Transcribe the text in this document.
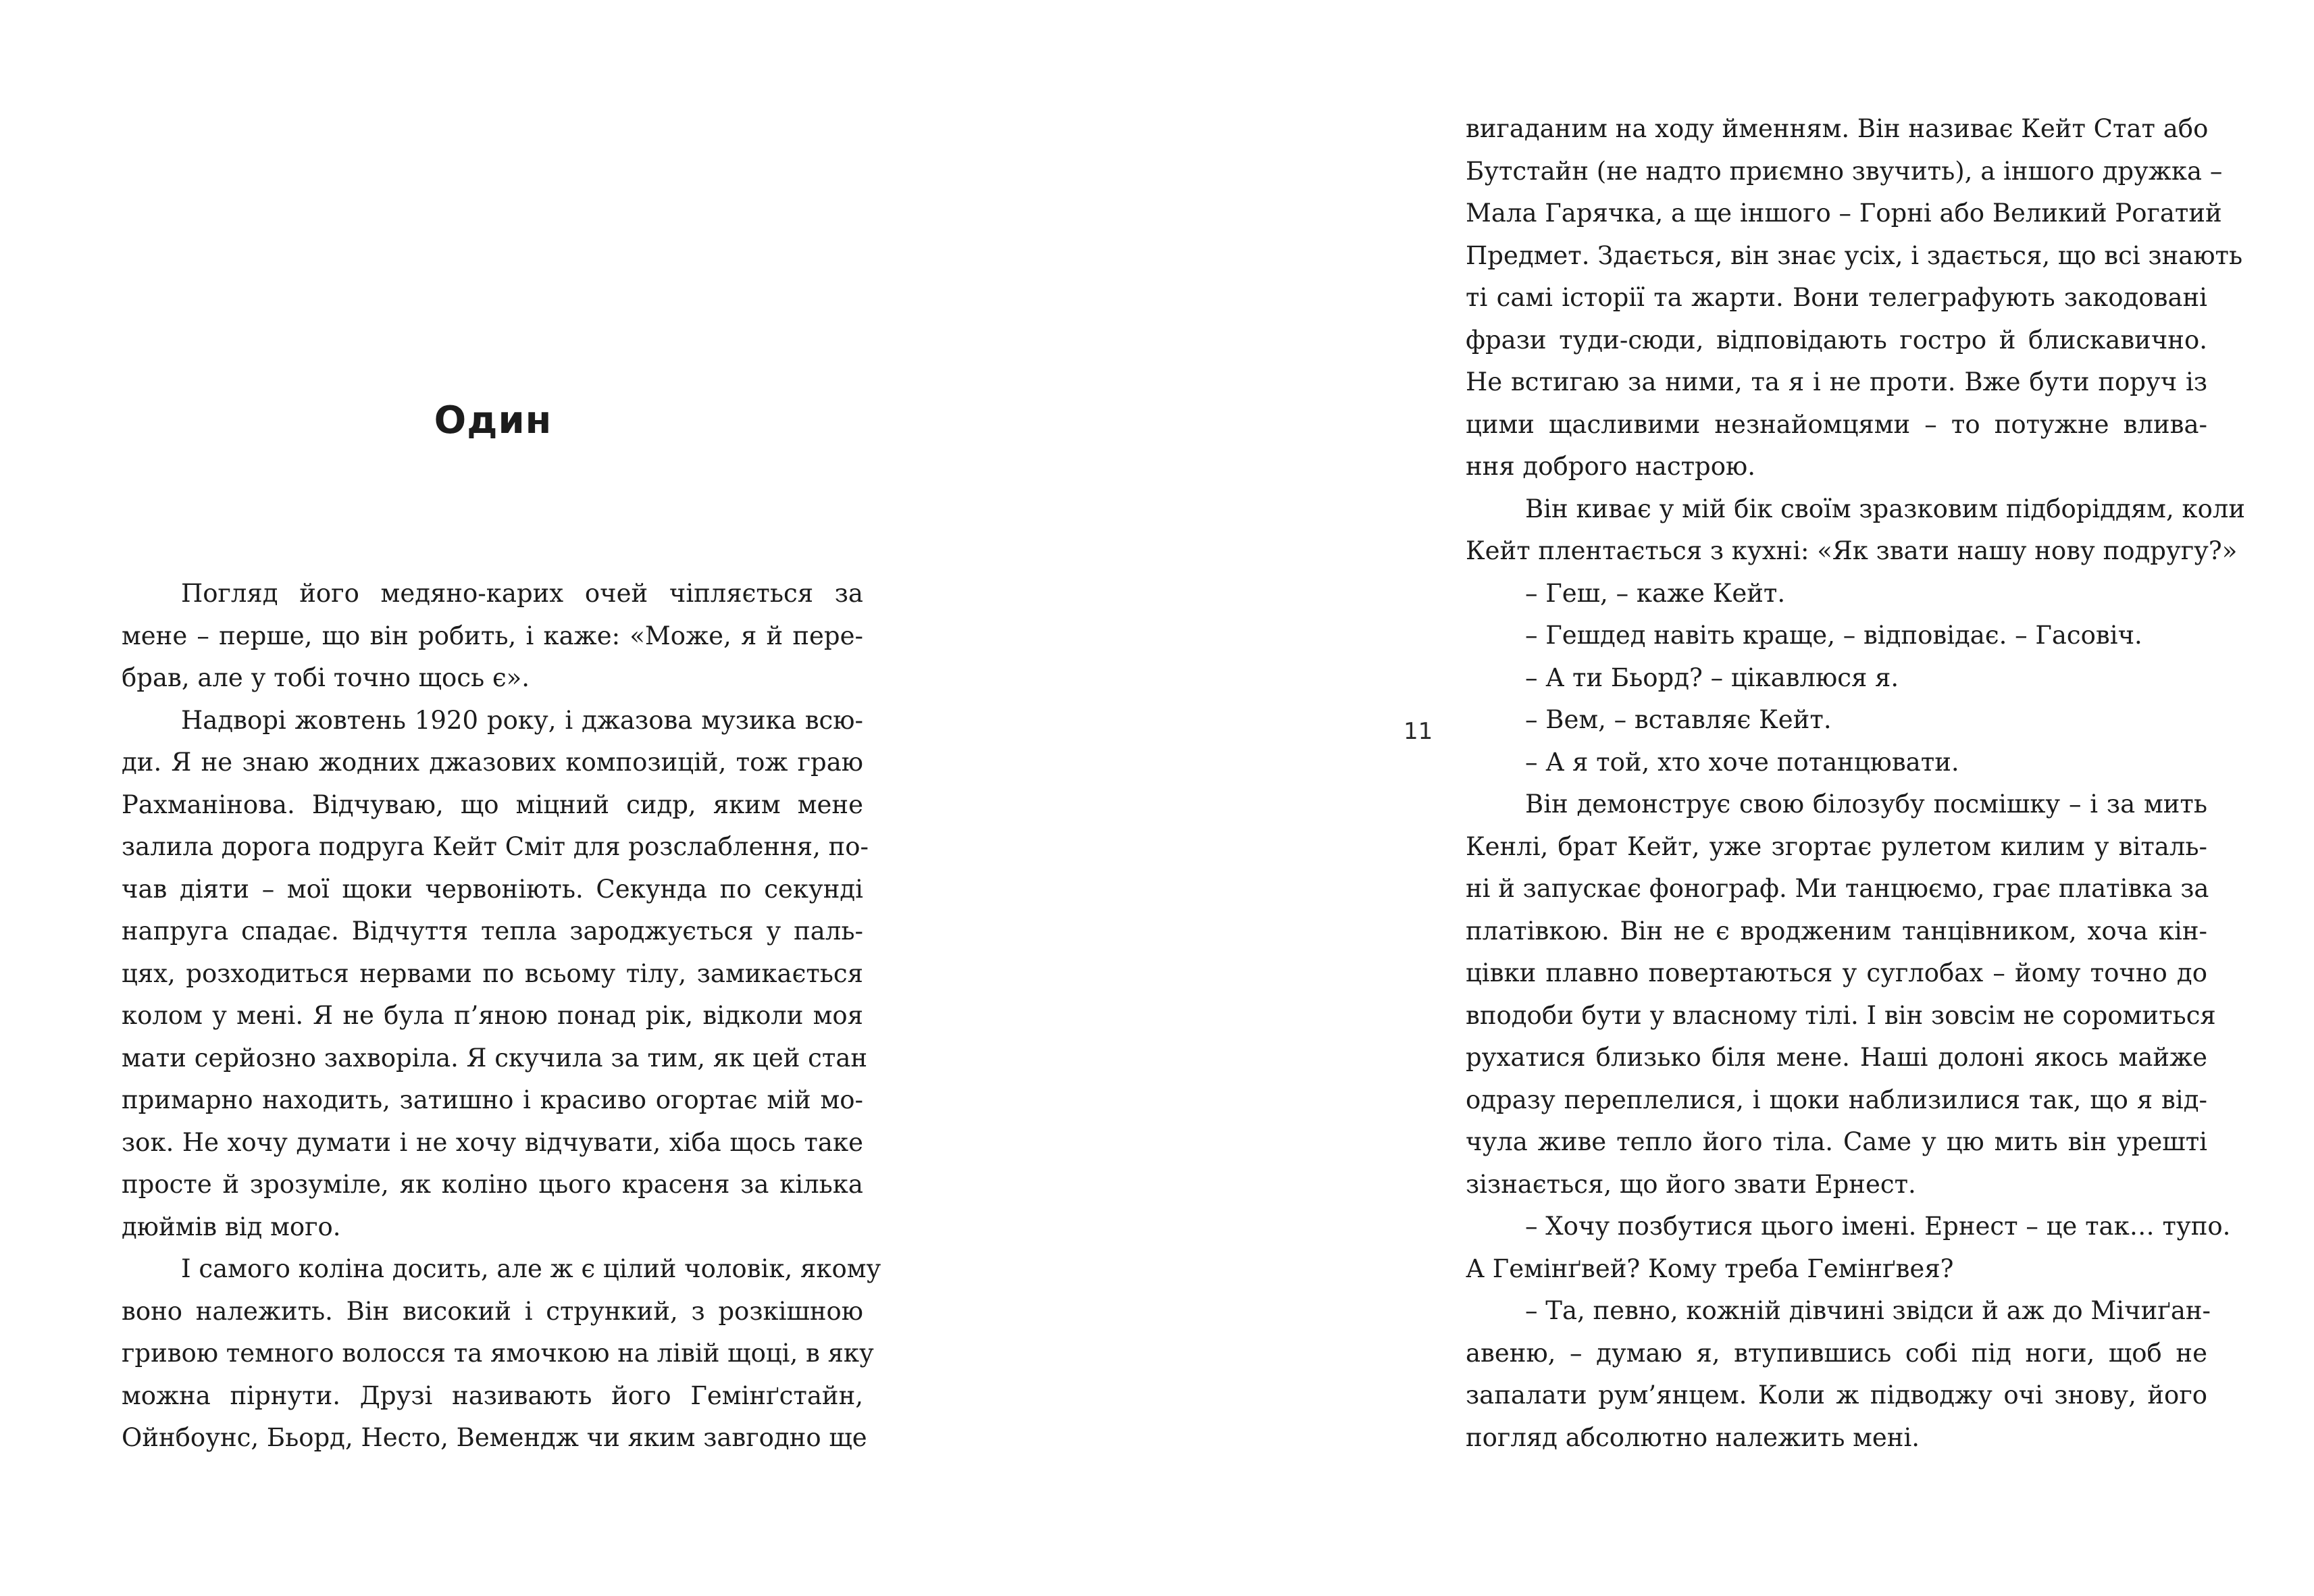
Один
Погляд його медяно-карих очей чіпляється за
мене – перше, що він робить, і каже: «Може, я й пере-
брав, але у тобі точно щось є».
Надворі жовтень 1920 року, і джазова музика всю-
ди. Я не знаю жодних джазових композицій, тож граю
Рахманінова. Відчуваю, що міцний сидр, яким мене
залила дорога подруга Кейт Сміт для розслаблення, по-
чав діяти – мої щоки червоніють. Секунда по секунді
напруга спадає. Відчуття тепла зароджується у паль-
цях, розходиться нервами по всьому тілу, замикається
колом у мені. Я не була п’яною понад рік, відколи моя
мати серйозно захворіла. Я скучила за тим, як цей стан
примарно находить, затишно і красиво огортає мій мо-
зок. Не хочу думати і не хочу відчувати, хіба щось таке
просте й зрозуміле, як коліно цього красеня за кілька
дюймів від мого.
І самого коліна досить, але ж є цілий чоловік, якому
воно належить. Він високий і стрункий, з розкішною
гривою темного волосся та ямочкою на лівій щоці, в яку
можна пірнути. Друзі називають його Гемінґстайн,
Ойнбоунс, Бьорд, Несто, Вемендж чи яким завгодно ще
11
вигаданим на ходу йменням. Він називає Кейт Стат або
Бутстайн (не надто приємно звучить), а іншого дружка –
Мала Гарячка, а ще іншого – Горні або Великий Рогатий
Предмет. Здається, він знає усіх, і здається, що всі знають
ті самі історії та жарти. Вони телеграфують закодовані
фрази туди-сюди, відповідають гостро й блискавично.
Не встигаю за ними, та я і не проти. Вже бути поруч із
цими щасливими незнайомцями – то потужне влива-
ння доброго настрою.
Він киває у мій бік своїм зразковим підборіддям, коли
Кейт плентається з кухні: «Як звати нашу нову подругу?»
– Геш, – каже Кейт.
– Гешдед навіть краще, – відповідає. – Гасовіч.
– А ти Бьорд? – цікавлюся я.
– Вем, – вставляє Кейт.
– А я той, хто хоче потанцювати.
Він демонструє свою білозубу посмішку – і за мить
Кенлі, брат Кейт, уже згортає рулетом килим у віталь-
ні й запускає фонограф. Ми танцюємо, грає платівка за
платівкою. Він не є вродженим танцівником, хоча кін-
цівки плавно повертаються у суглобах – йому точно до
вподоби бути у власному тілі. І він зовсім не соромиться
рухатися близько біля мене. Наші долоні якось майже
одразу переплелися, і щоки наблизилися так, що я від-
чула живе тепло його тіла. Саме у цю мить він урешті
зізнається, що його звати Ернест.
– Хочу позбутися цього імені. Ернест – це так… тупо.
А Гемінґвей? Кому треба Гемінґвея?
– Та, певно, кожній дівчині звідси й аж до Мічиґан-
авеню, – думаю я, втупившись собі під ноги, щоб не
запалати рум’янцем. Коли ж підводжу очі знову, його
погляд абсолютно належить мені.
